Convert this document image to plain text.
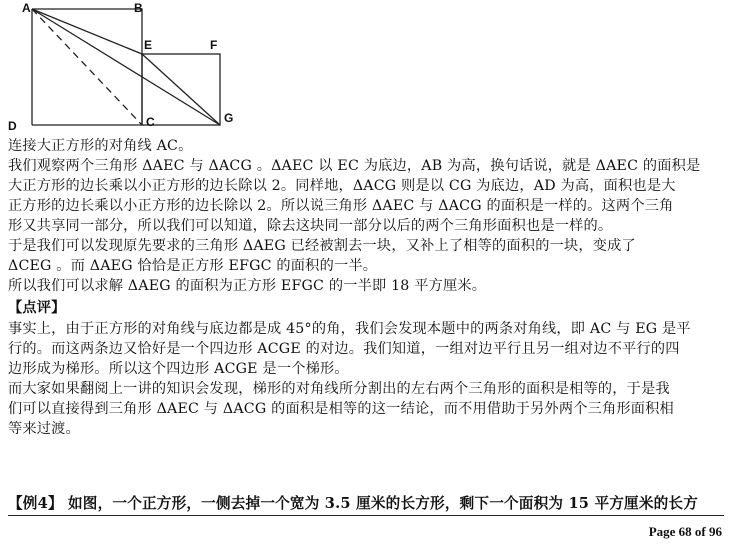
A	B
E	F
D	C	G
连接大正方形的对角线 AC。
我们观察两个三角形 ΔAEC 与 ΔACG 。ΔAEC 以 EC 为底边，AB 为高，换句话说，就是 ΔAEC 的面积是
大正方形的边长乘以小正方形的边长除以 2。同样地，ΔACG 则是以 CG 为底边，AD 为高，面积也是大
正方形的边长乘以小正方形的边长除以 2。所以说三角形 ΔAEC 与 ΔACG 的面积是一样的。这两个三角
形又共享同一部分，所以我们可以知道，除去这块同一部分以后的两个三角形面积也是一样的。
于是我们可以发现原先要求的三角形 ΔAEG 已经被割去一块，又补上了相等的面积的一块，变成了
ΔCEG 。而 ΔAEG 恰恰是正方形 EFGC 的面积的一半。
所以我们可以求解 ΔAEG 的面积为正方形 EFGC 的一半即 18 平方厘米。
【点评】
事实上，由于正方形的对角线与底边都是成 45°的角，我们会发现本题中的两条对角线，即 AC 与 EG 是平
行的。而这两条边又恰好是一个四边形 ACGE 的对边。我们知道，一组对边平行且另一组对边不平行的四
边形成为梯形。所以这个四边形 ACGE 是一个梯形。
而大家如果翻阅上一讲的知识会发现，梯形的对角线所分割出的左右两个三角形的面积是相等的，于是我
们可以直接得到三角形 ΔAEC 与 ΔACG 的面积是相等的这一结论，而不用借助于另外两个三角形面积相
等来过渡。
【例4】 如图，一个正方形，一侧去掉一个宽为 3.5 厘米的长方形，剩下一个面积为 15 平方厘米的长方
Page 68 of 96
